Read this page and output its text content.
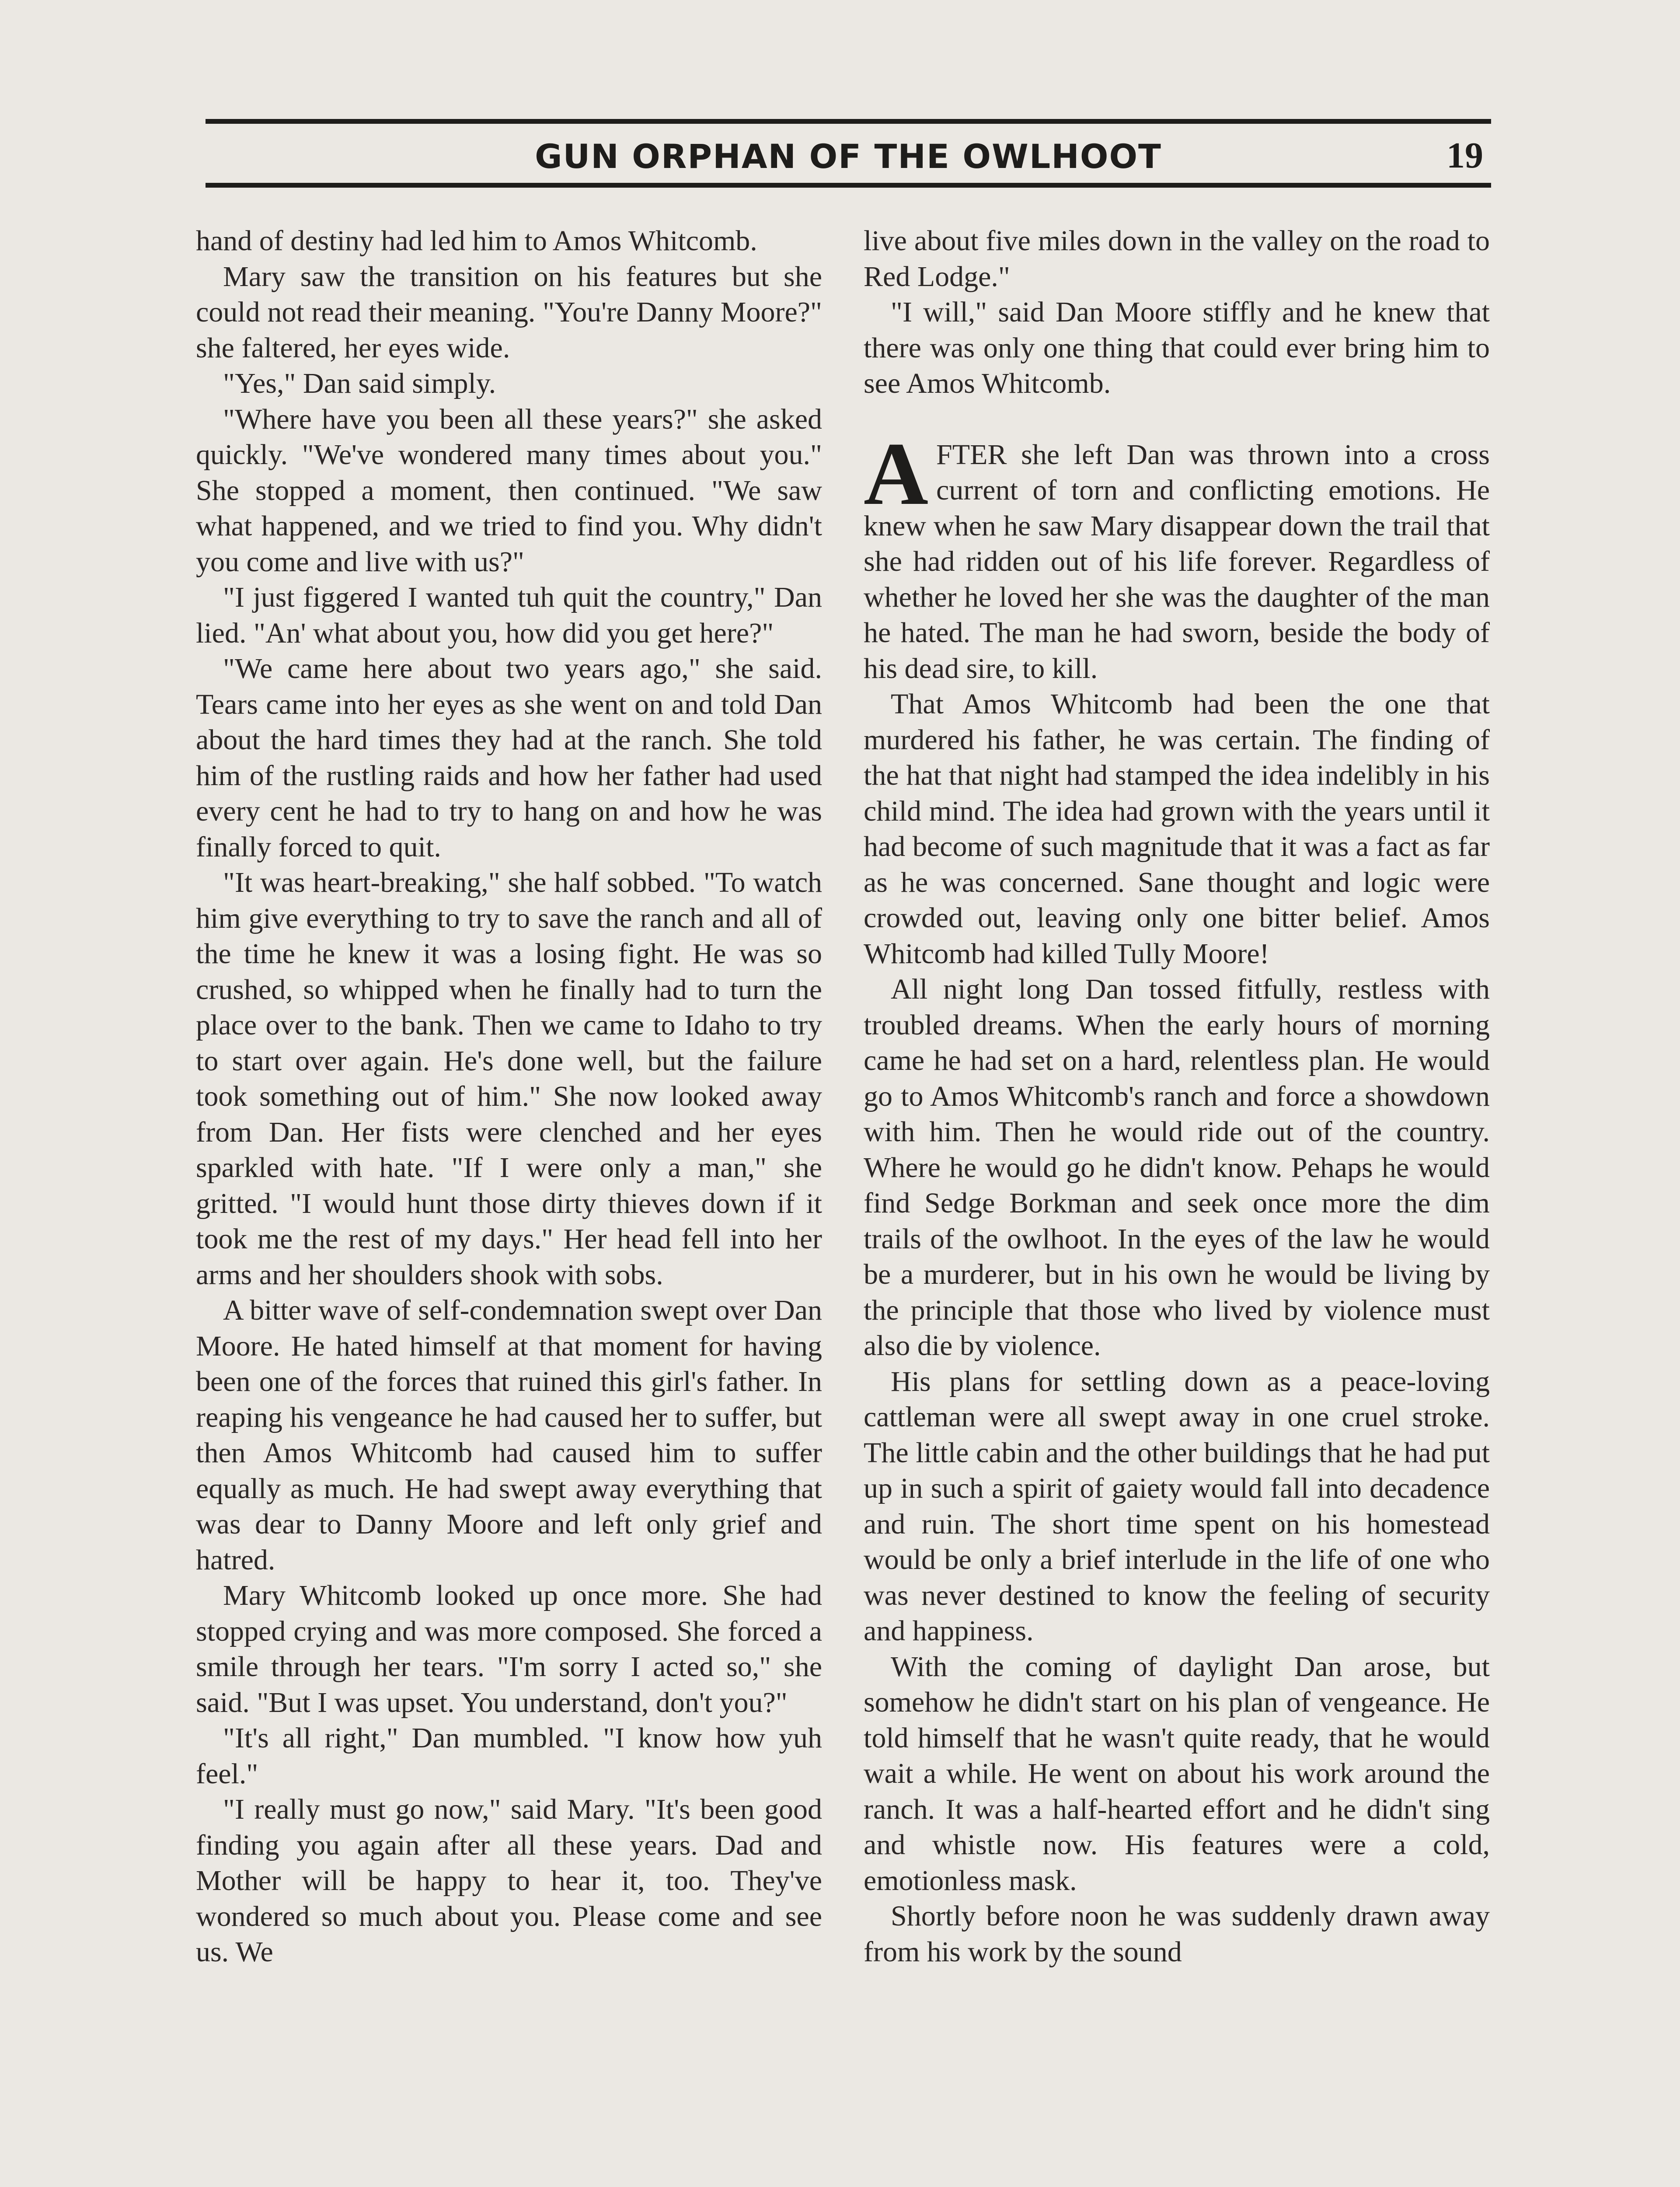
GUN ORPHAN OF THE OWLHOOT	19

hand of destiny had led him to Amos Whitcomb.

Mary saw the transition on his features but she could not read their meaning. "You're Danny Moore?" she faltered, her eyes wide.

"Yes," Dan said simply.

"Where have you been all these years?" she asked quickly. "We've wondered many times about you." She stopped a moment, then continued. "We saw what happened, and we tried to find you. Why didn't you come and live with us?"

"I just figgered I wanted tuh quit the country," Dan lied. "An' what about you, how did you get here?"

"We came here about two years ago," she said. Tears came into her eyes as she went on and told Dan about the hard times they had at the ranch. She told him of the rustling raids and how her father had used every cent he had to try to hang on and how he was finally forced to quit.

"It was heart-breaking," she half sobbed. "To watch him give everything to try to save the ranch and all of the time he knew it was a losing fight. He was so crushed, so whipped when he finally had to turn the place over to the bank. Then we came to Idaho to try to start over again. He's done well, but the failure took something out of him." She now looked away from Dan. Her fists were clenched and her eyes sparkled with hate. "If I were only a man," she gritted. "I would hunt those dirty thieves down if it took me the rest of my days." Her head fell into her arms and her shoulders shook with sobs.

A bitter wave of self-condemnation swept over Dan Moore. He hated himself at that moment for having been one of the forces that ruined this girl's father. In reaping his vengeance he had caused her to suffer, but then Amos Whitcomb had caused him to suffer equally as much. He had swept away everything that was dear to Danny Moore and left only grief and hatred.

Mary Whitcomb looked up once more. She had stopped crying and was more composed. She forced a smile through her tears. "I'm sorry I acted so," she said. "But I was upset. You understand, don't you?"

"It's all right," Dan mumbled. "I know how yuh feel."

"I really must go now," said Mary. "It's been good finding you again after all these years. Dad and Mother will be happy to hear it, too. They've wondered so much about you. Please come and see us. We

live about five miles down in the valley on the road to Red Lodge."

"I will," said Dan Moore stiffly and he knew that there was only one thing that could ever bring him to see Amos Whitcomb.

AFTER she left Dan was thrown into a cross current of torn and conflicting emotions. He knew when he saw Mary disappear down the trail that she had ridden out of his life forever. Regardless of whether he loved her she was the daughter of the man he hated. The man he had sworn, beside the body of his dead sire, to kill.

That Amos Whitcomb had been the one that murdered his father, he was certain. The finding of the hat that night had stamped the idea indelibly in his child mind. The idea had grown with the years until it had become of such magnitude that it was a fact as far as he was concerned. Sane thought and logic were crowded out, leaving only one bitter belief. Amos Whitcomb had killed Tully Moore!

All night long Dan tossed fitfully, restless with troubled dreams. When the early hours of morning came he had set on a hard, relentless plan. He would go to Amos Whitcomb's ranch and force a showdown with him. Then he would ride out of the country. Where he would go he didn't know. Pehaps he would find Sedge Borkman and seek once more the dim trails of the owlhoot. In the eyes of the law he would be a murderer, but in his own he would be living by the principle that those who lived by violence must also die by violence.

His plans for settling down as a peace-loving cattleman were all swept away in one cruel stroke. The little cabin and the other buildings that he had put up in such a spirit of gaiety would fall into decadence and ruin. The short time spent on his homestead would be only a brief interlude in the life of one who was never destined to know the feeling of security and happiness.

With the coming of daylight Dan arose, but somehow he didn't start on his plan of vengeance. He told himself that he wasn't quite ready, that he would wait a while. He went on about his work around the ranch. It was a half-hearted effort and he didn't sing and whistle now. His features were a cold, emotionless mask.

Shortly before noon he was suddenly drawn away from his work by the sound
